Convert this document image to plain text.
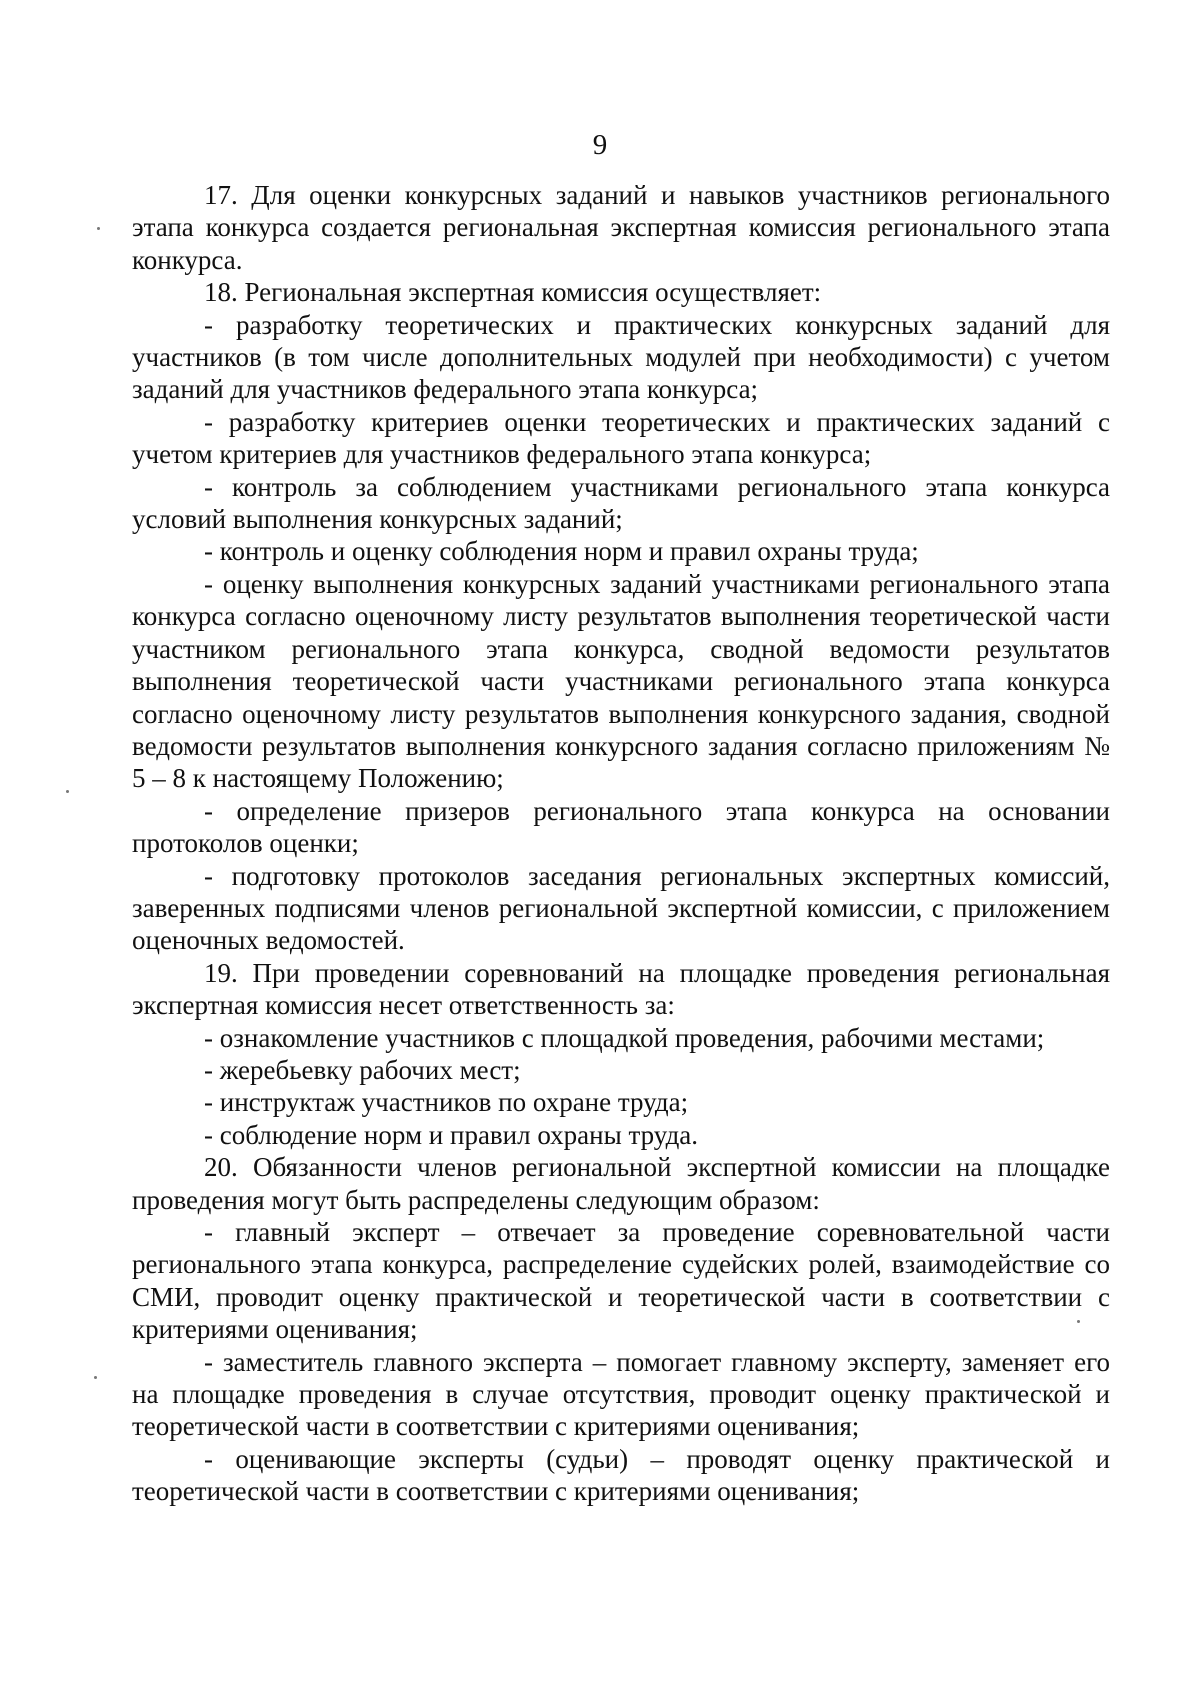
9

17. Для оценки конкурсных заданий и навыков участников регионального этапа конкурса создается региональная экспертная комиссия регионального этапа конкурса.

18. Региональная экспертная комиссия осуществляет:

- разработку теоретических и практических конкурсных заданий для участников (в том числе дополнительных модулей при необходимости) с учетом заданий для участников федерального этапа конкурса;

- разработку критериев оценки теоретических и практических заданий с учетом критериев для участников федерального этапа конкурса;

- контроль за соблюдением участниками регионального этапа конкурса условий выполнения конкурсных заданий;

- контроль и оценку соблюдения норм и правил охраны труда;

- оценку выполнения конкурсных заданий участниками регионального этапа конкурса согласно оценочному листу результатов выполнения теоретической части участником регионального этапа конкурса, сводной ведомости результатов выполнения теоретической части участниками регионального этапа конкурса согласно оценочному листу результатов выполнения конкурсного задания, сводной ведомости результатов выполнения конкурсного задания согласно приложениям № 5 – 8 к настоящему Положению;

- определение призеров регионального этапа конкурса на основании протоколов оценки;

- подготовку протоколов заседания региональных экспертных комиссий, заверенных подписями членов региональной экспертной комиссии, с приложением оценочных ведомостей.

19. При проведении соревнований на площадке проведения региональная экспертная комиссия несет ответственность за:

- ознакомление участников с площадкой проведения, рабочими местами;

- жеребьевку рабочих мест;

- инструктаж участников по охране труда;

- соблюдение норм и правил охраны труда.

20. Обязанности членов региональной экспертной комиссии на площадке проведения могут быть распределены следующим образом:

- главный эксперт – отвечает за проведение соревновательной части регионального этапа конкурса, распределение судейских ролей, взаимодействие со СМИ, проводит оценку практической и теоретической части в соответствии с критериями оценивания;

- заместитель главного эксперта – помогает главному эксперту, заменяет его на площадке проведения в случае отсутствия, проводит оценку практической и теоретической части в соответствии с критериями оценивания;

- оценивающие эксперты (судьи) – проводят оценку практической и теоретической части в соответствии с критериями оценивания;
